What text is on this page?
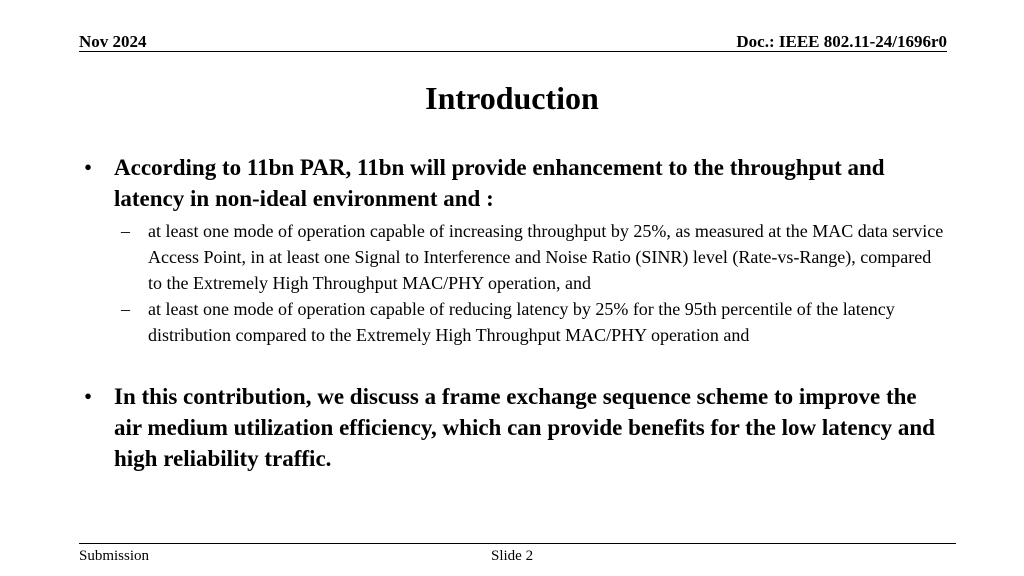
Nov 2024	Doc.: IEEE 802.11-24/1696r0
Introduction
• According to 11bn PAR, 11bn will provide enhancement to the throughput and latency in non-ideal environment and :
– at least one mode of operation capable of increasing throughput by 25%, as measured at the MAC data service Access Point, in at least one Signal to Interference and Noise Ratio (SINR) level (Rate-vs-Range), compared to the Extremely High Throughput MAC/PHY operation, and
– at least one mode of operation capable of reducing latency by 25% for the 95th percentile of the latency distribution compared to the Extremely High Throughput MAC/PHY operation and
• In this contribution, we discuss a frame exchange sequence scheme to improve the air medium utilization efficiency, which can provide benefits for the low latency and high reliability traffic.
Submission	Slide 2
